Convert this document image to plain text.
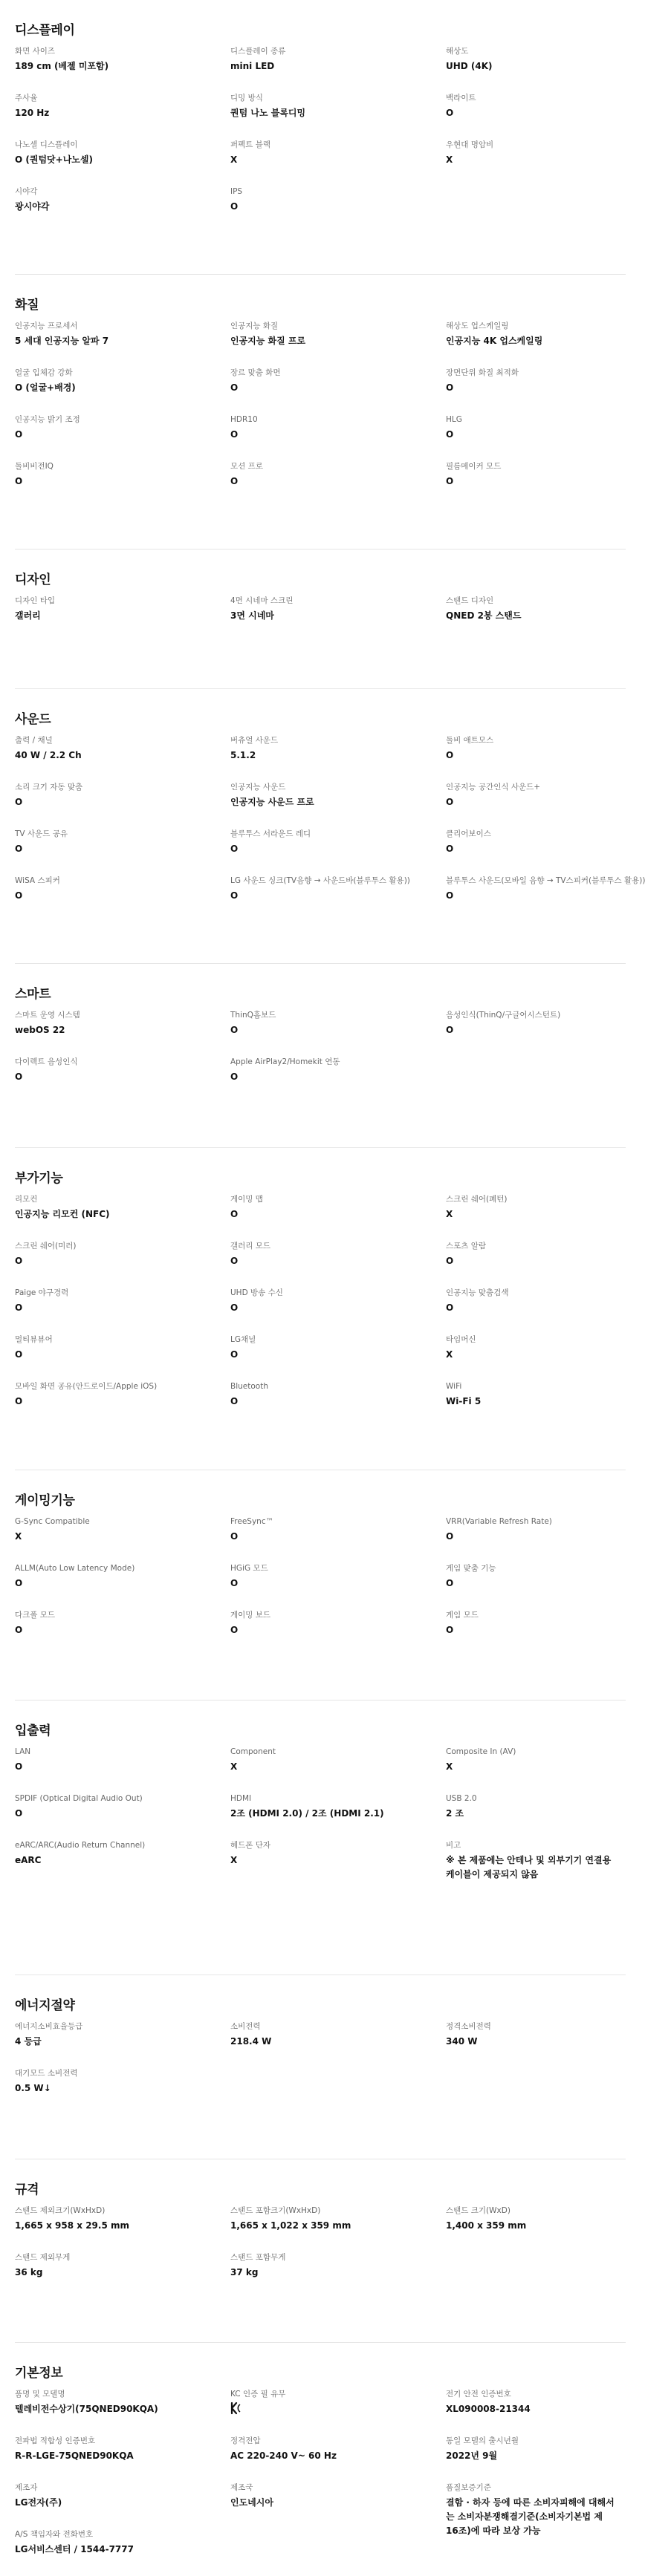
디스플레이
화면 사이즈
189 cm (베젤 미포함)
디스플레이 종류
mini LED
해상도
UHD (4K)
주사율
120 Hz
디밍 방식
퀀텀 나노 블록디밍
백라이트
O
나노셀 디스플레이
O (퀀텀닷+나노셀)
퍼펙트 블랙
X
우현대 명암비
X
시야각
광시야각
IPS
O
화질
인공지능 프로세서
5 세대 인공지능 알파 7
인공지능 화질
인공지능 화질 프로
해상도 업스케일링
인공지능 4K 업스케일링
얼굴 입체감 강화
O (얼굴+배경)
장르 맞춤 화면
O
장면단위 화질 최적화
O
인공지능 밝기 조정
O
HDR10
O
HLG
O
돌비비전IQ
O
모션 프로
O
필름메이커 모드
O
디자인
디자인 타입
갤러리
4면 시네마 스크린
3면 시네마
스탠드 디자인
QNED 2봉 스탠드
사운드
출력 / 채널
40 W / 2.2 Ch
버츄얼 사운드
5.1.2
돌비 애트모스
O
소리 크기 자동 맞춤
O
인공지능 사운드
인공지능 사운드 프로
인공지능 공간인식 사운드+
O
TV 사운드 공유
O
블루투스 서라운드 레디
O
클리어보이스
O
WiSA 스피커
O
LG 사운드 싱크(TV음향 → 사운드바(블루투스 활용))
O
블루투스 사운드(모바일 음향 → TV스피커(블루투스 활용))
O
스마트
스마트 운영 시스템
webOS 22
ThinQ홈보드
O
음성인식(ThinQ/구글어시스턴트)
O
다이렉트 음성인식
O
Apple AirPlay2/Homekit 연동
O
부가기능
리모컨
인공지능 리모컨 (NFC)
게이밍 맵
O
스크린 쉐어(폐턴)
X
스크린 쉐어(미러)
O
갤러리 모드
O
스포츠 알람
O
Paige 야구경력
O
UHD 방송 수신
O
인공지능 맞춤검색
O
멀티뷰뷰어
O
LG채널
O
타임머신
X
모바일 화면 공유(안드로이드/Apple iOS)
O
Bluetooth
O
WiFi
Wi-Fi 5
게이밍기능
G-Sync Compatible
X
FreeSync™
O
VRR(Variable Refresh Rate)
O
ALLM(Auto Low Latency Mode)
O
HGiG 모드
O
게임 맞춤 기능
O
다크폴 모드
O
게이밍 보드
O
게임 모드
O
입출력
LAN
O
Component
X
Composite In (AV)
X
SPDIF (Optical Digital Audio Out)
O
HDMI
2조 (HDMI 2.0) / 2조 (HDMI 2.1)
USB 2.0
2 조
eARC/ARC(Audio Return Channel)
eARC
헤드폰 단자
X
비고
※ 본 제품에는 안테나 및 외부기기 연결용 케이블이 제공되지 않음
에너지절약
에너지소비효율등급
4 등급
소비전력
218.4 W
정격소비전력
340 W
대기모드 소비전력
0.5 W↓
규격
스탠드 제외크기(WxHxD)
1,665 x 958 x 29.5 mm
스탠드 포함크기(WxHxD)
1,665 x 1,022 x 359 mm
스탠드 크기(WxD)
1,400 x 359 mm
스탠드 제외무게
36 kg
스탠드 포함무게
37 kg
기본정보
품명 및 모델명
텔레비전수상기(75QNED90KQA)
KC 인증 필 유무	전기 안전 인증번호
XL090008-21344
전파법 적합성 인증번호
R-R-LGE-75QNED90KQA
정격전압
AC 220-240 V~ 60 Hz
동일 모델의 출시년월
2022년 9월
제조자
LG전자(주)
제조국
인도네시아
품질보증기준
결함 · 하자 등에 따른 소비자피해에 대해서는 소비자분쟁해결기준(소비자기본법 제 16조)에 따라 보상 가능
A/S 책임자와 전화번호
LG서비스센터 / 1544-7777
